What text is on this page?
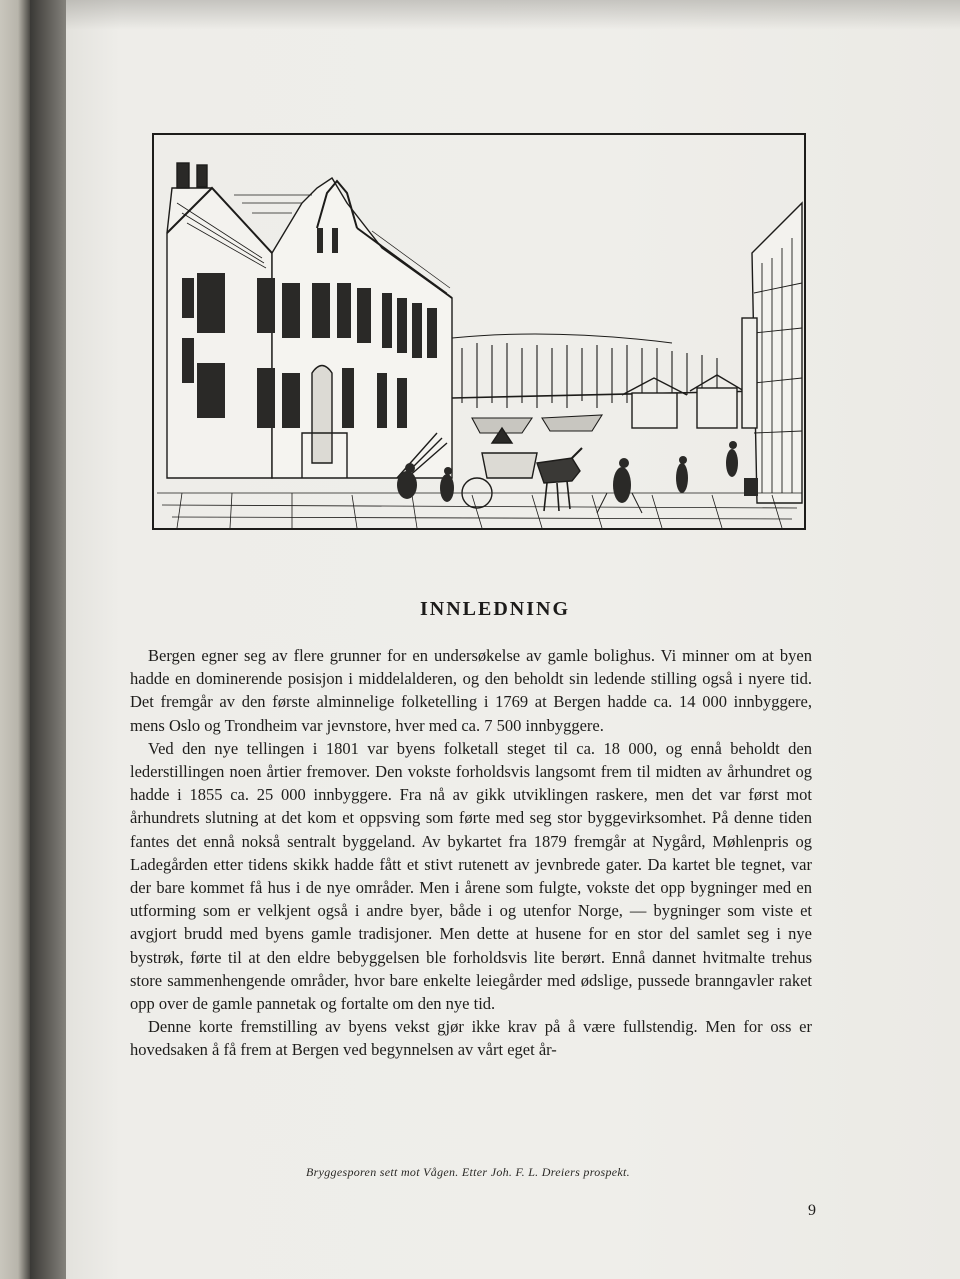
INNLEDNING

Bergen egner seg av flere grunner for en undersøkelse av gamle bolighus. Vi minner om at byen hadde en dominerende posisjon i middelalderen, og den beholdt sin ledende stilling også i nyere tid. Det fremgår av den første alminnelige folketelling i 1769 at Bergen hadde ca. 14 000 innbyggere, mens Oslo og Trondheim var jevnstore, hver med ca. 7 500 innbyggere.

Ved den nye tellingen i 1801 var byens folketall steget til ca. 18 000, og ennå beholdt den lederstillingen noen årtier fremover. Den vokste forholdsvis langsomt frem til midten av århundret og hadde i 1855 ca. 25 000 innbyggere. Fra nå av gikk utviklingen raskere, men det var først mot århundrets slutning at det kom et oppsving som førte med seg stor byggevirksomhet. På denne tiden fantes det ennå nokså sentralt byggeland. Av bykartet fra 1879 fremgår at Nygård, Møhlenpris og Ladegården etter tidens skikk hadde fått et stivt rutenett av jevnbrede gater. Da kartet ble tegnet, var der bare kommet få hus i de nye områder. Men i årene som fulgte, vokste det opp bygninger med en utforming som er velkjent også i andre byer, både i og utenfor Norge, — bygninger som viste et avgjort brudd med byens gamle tradisjoner. Men dette at husene for en stor del samlet seg i nye bystrøk, førte til at den eldre bebyggelsen ble forholdsvis lite berørt. Ennå dannet hvitmalte trehus store sammenhengende områder, hvor bare enkelte leiegårder med ødslige, pussede branngavler raket opp over de gamle pannetak og fortalte om den nye tid.

Denne korte fremstilling av byens vekst gjør ikke krav på å være fullstendig. Men for oss er hovedsaken å få frem at Bergen ved begynnelsen av vårt eget år-

Bryggesporen sett mot Vågen. Etter Joh. F. L. Dreiers prospekt.
9
